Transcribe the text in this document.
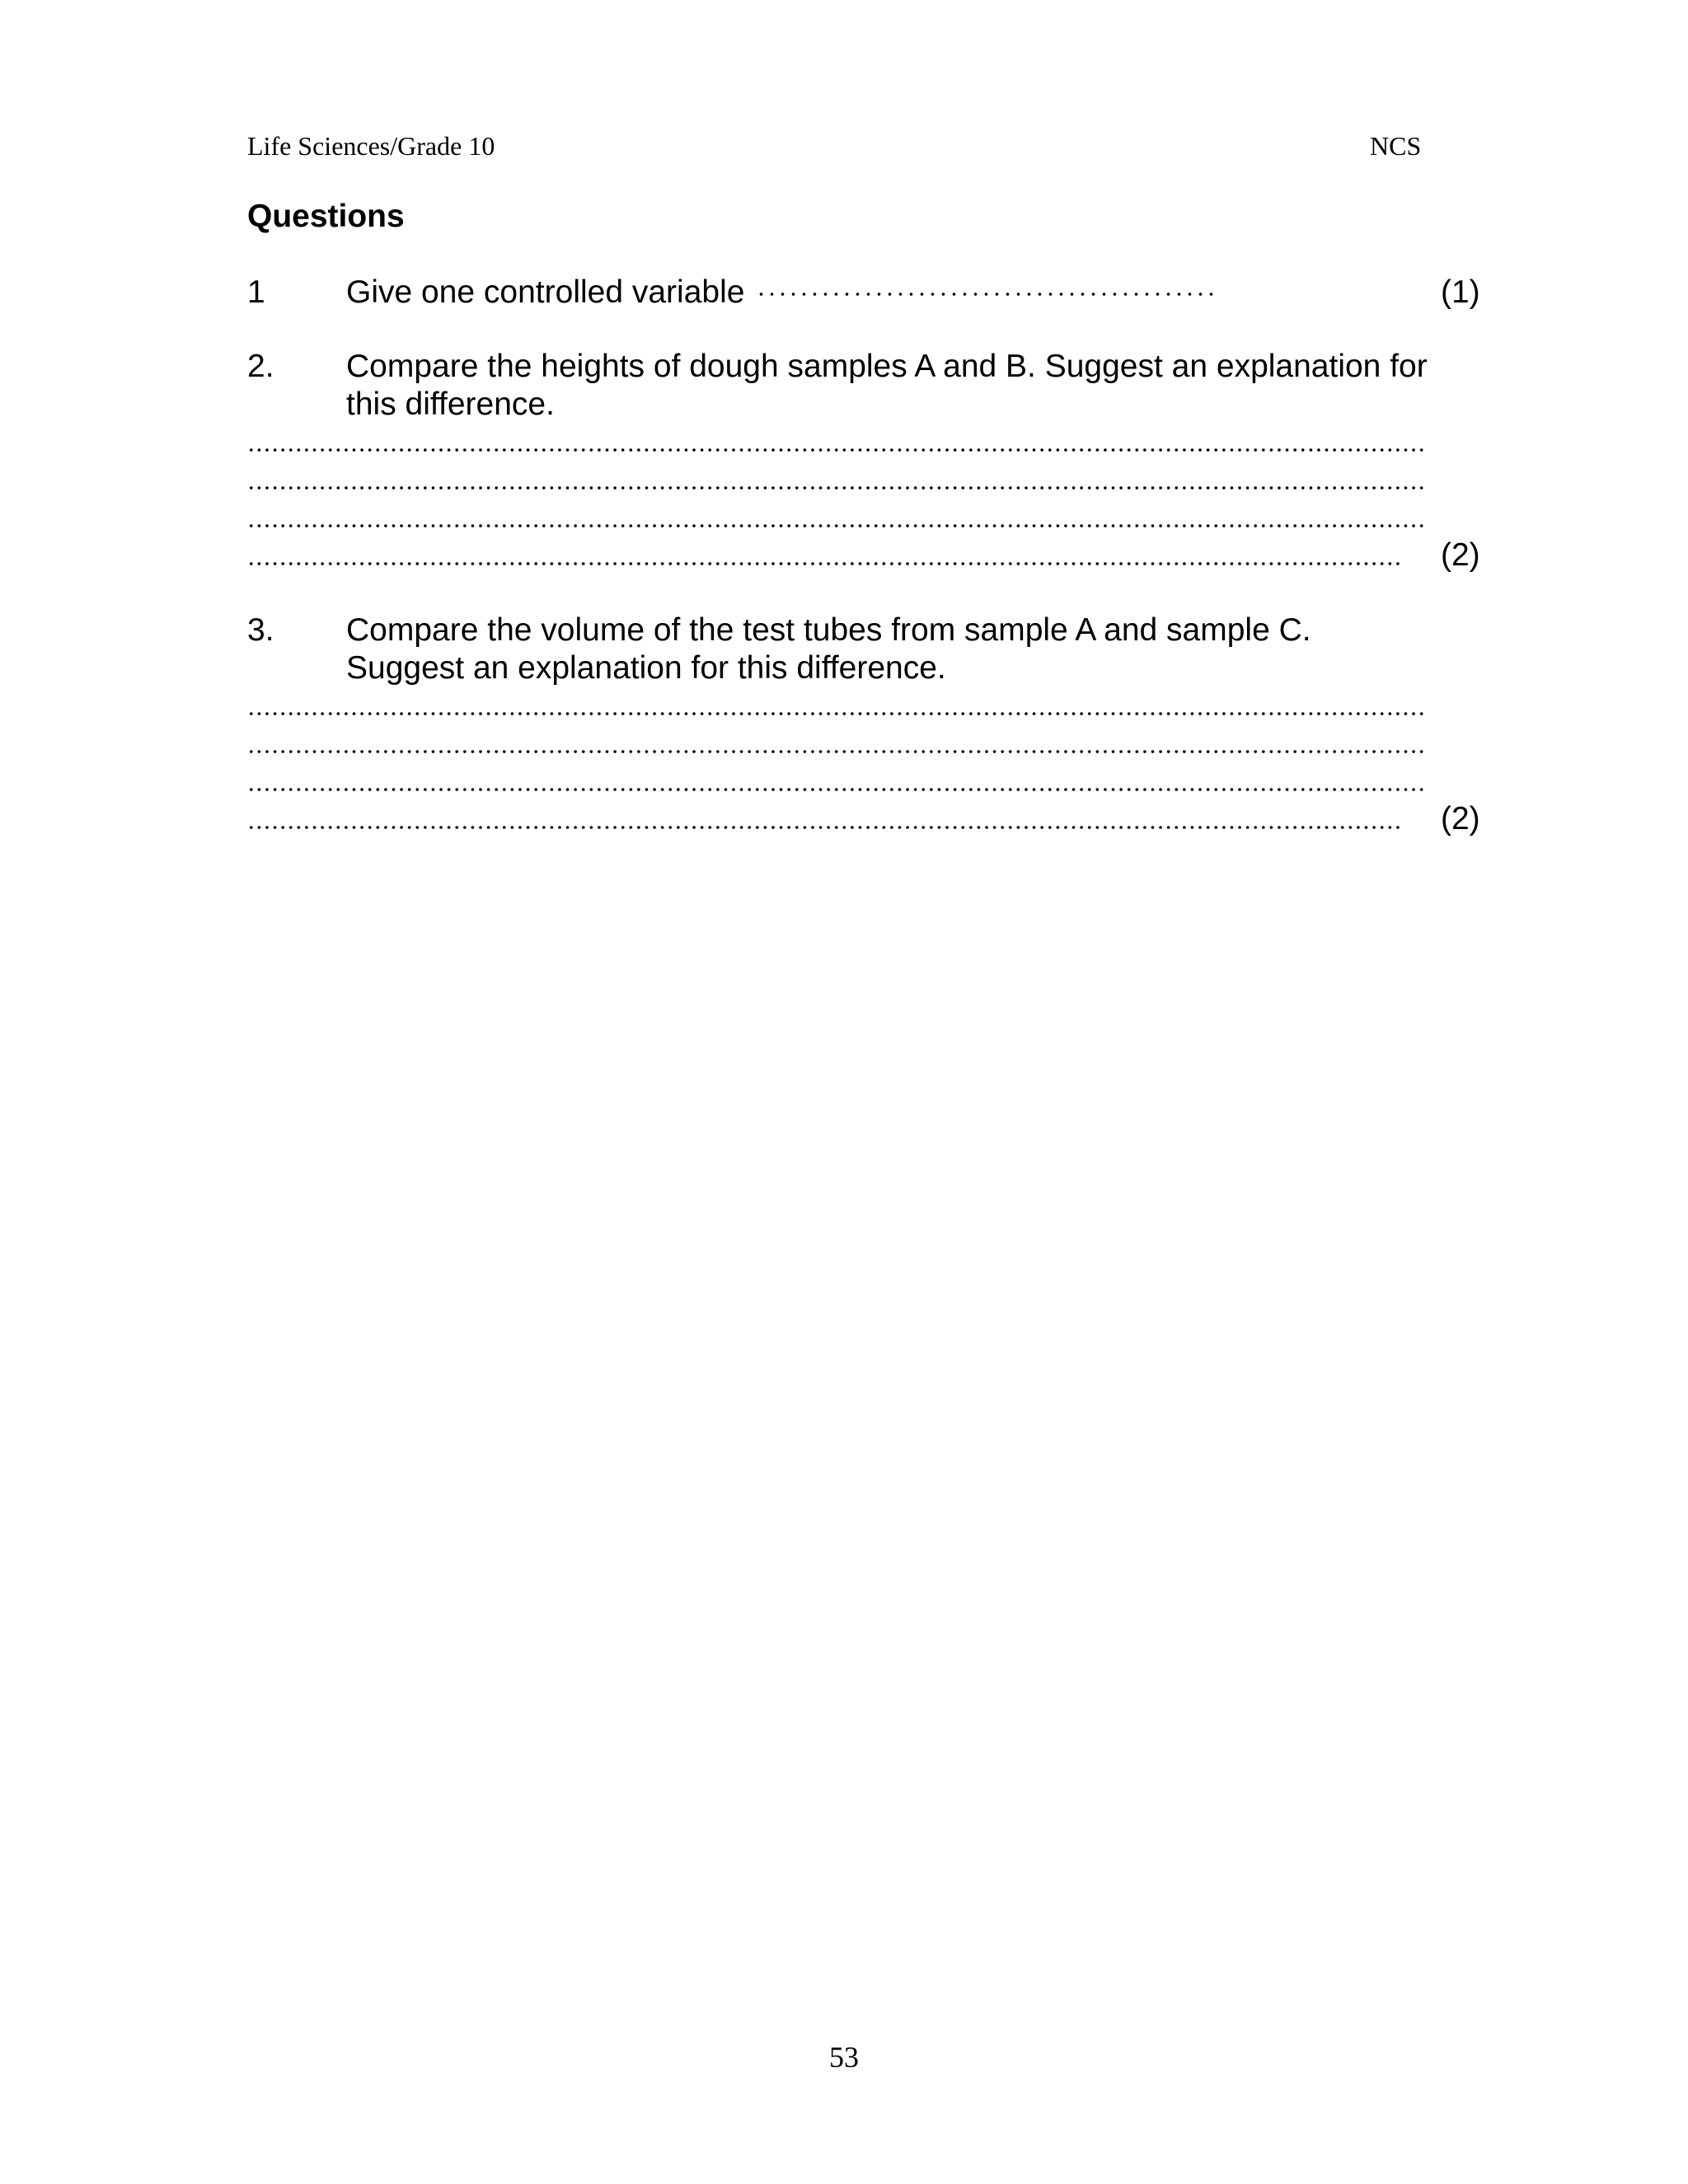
Life Sciences/Grade 10	NCS
Questions
1	Give one controlled variable	(1)
2. Compare the heights of dough samples A and B. Suggest an explanation for this difference.
(2)
3. Compare the volume of the test tubes from sample A and sample C. Suggest an explanation for this difference.
(2)
53
